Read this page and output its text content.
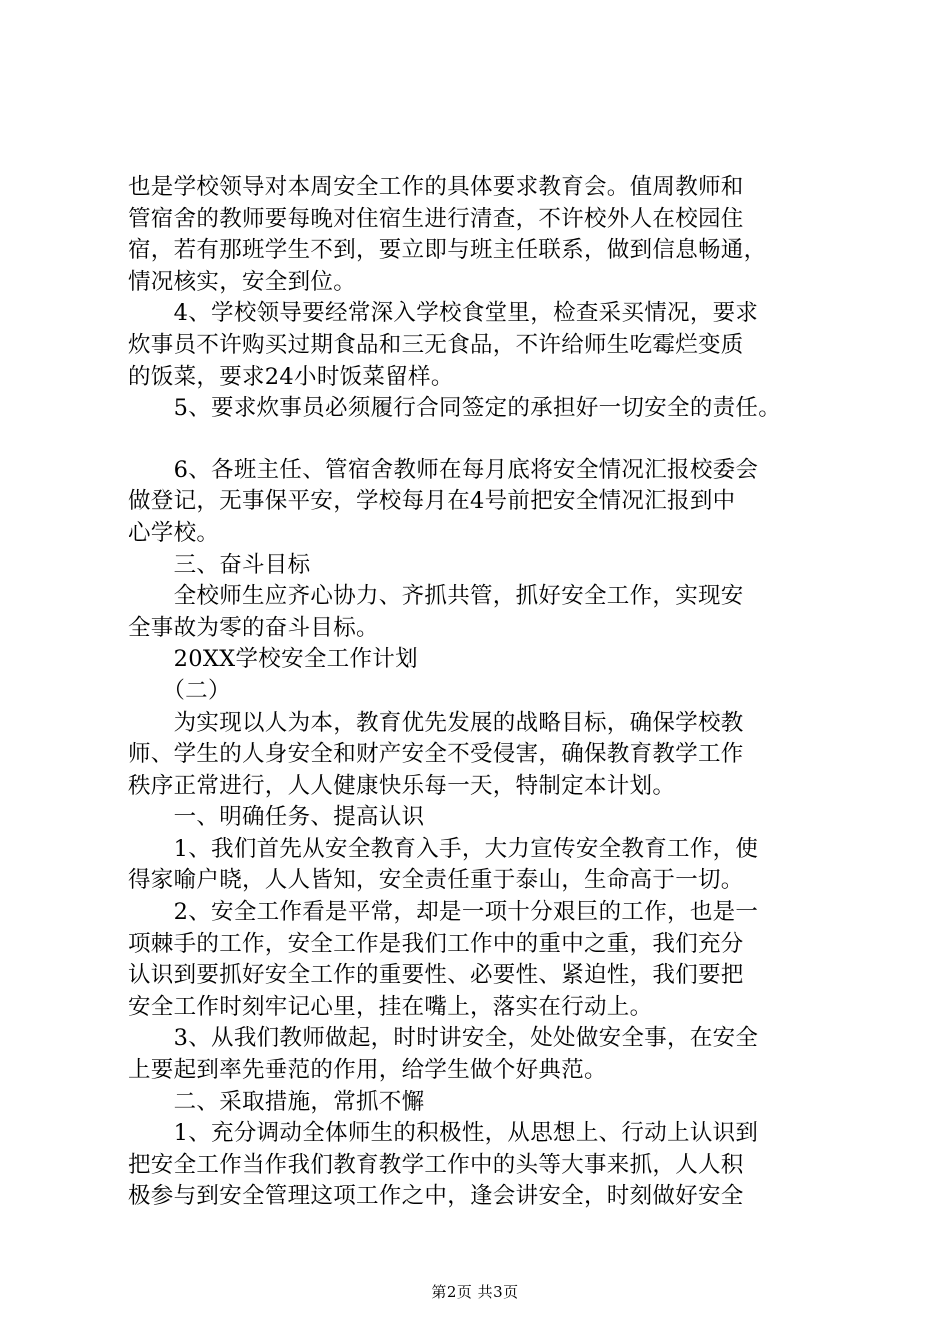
也是学校领导对本周安全工作的具体要求教育会。值周教师和
管宿舍的教师要每晚对住宿生进行清查，不许校外人在校园住
宿，若有那班学生不到，要立即与班主任联系，做到信息畅通，
情况核实，安全到位。
　　4、学校领导要经常深入学校食堂里，检查采买情况，要求
炊事员不许购买过期食品和三无食品，不许给师生吃霉烂变质
的饭菜，要求24小时饭菜留样。
　　5、要求炊事员必须履行合同签定的承担好一切安全的责任。
　　6、各班主任、管宿舍教师在每月底将安全情况汇报校委会
做登记，无事保平安，学校每月在4号前把安全情况汇报到中
心学校。
　　三、奋斗目标
　　全校师生应齐心协力、齐抓共管，抓好安全工作，实现安
全事故为零的奋斗目标。
　　20XX学校安全工作计划
　　（二）
　　为实现以人为本，教育优先发展的战略目标，确保学校教
师、学生的人身安全和财产安全不受侵害，确保教育教学工作
秩序正常进行，人人健康快乐每一天，特制定本计划。
　　一、明确任务、提高认识
　　1、我们首先从安全教育入手，大力宣传安全教育工作，使
得家喻户晓，人人皆知，安全责任重于泰山，生命高于一切。
　　2、安全工作看是平常，却是一项十分艰巨的工作，也是一
项棘手的工作，安全工作是我们工作中的重中之重，我们充分
认识到要抓好安全工作的重要性、必要性、紧迫性，我们要把
安全工作时刻牢记心里，挂在嘴上，落实在行动上。
　　3、从我们教师做起，时时讲安全，处处做安全事，在安全
上要起到率先垂范的作用，给学生做个好典范。
　　二、采取措施，常抓不懈
　　1、充分调动全体师生的积极性，从思想上、行动上认识到
把安全工作当作我们教育教学工作中的头等大事来抓，人人积
极参与到安全管理这项工作之中，逢会讲安全，时刻做好安全
第2页 共3页
